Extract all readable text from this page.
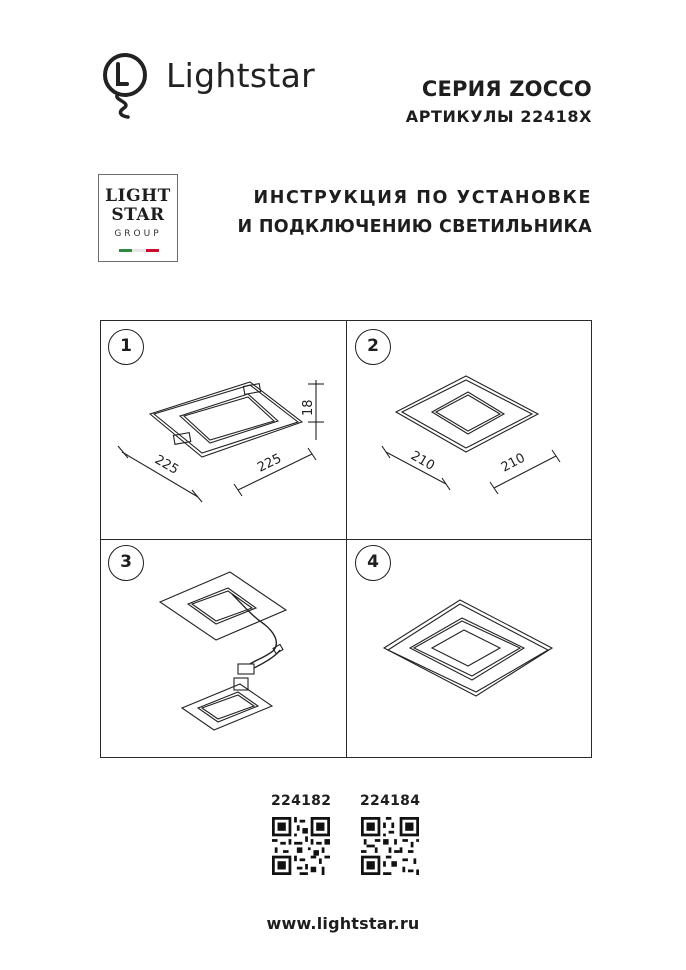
Lightstar	СЕРИЯ ZOCCO
АРТИКУЛЫ 22418X
LIGHT
STAR
GROUP
ИНСТРУКЦИЯ ПО УСТАНОВКЕ
И ПОДКЛЮЧЕНИЮ СВЕТИЛЬНИКА
1	2
3	4
18
225	225	210	210
224182 224184
www.lightstar.ru
